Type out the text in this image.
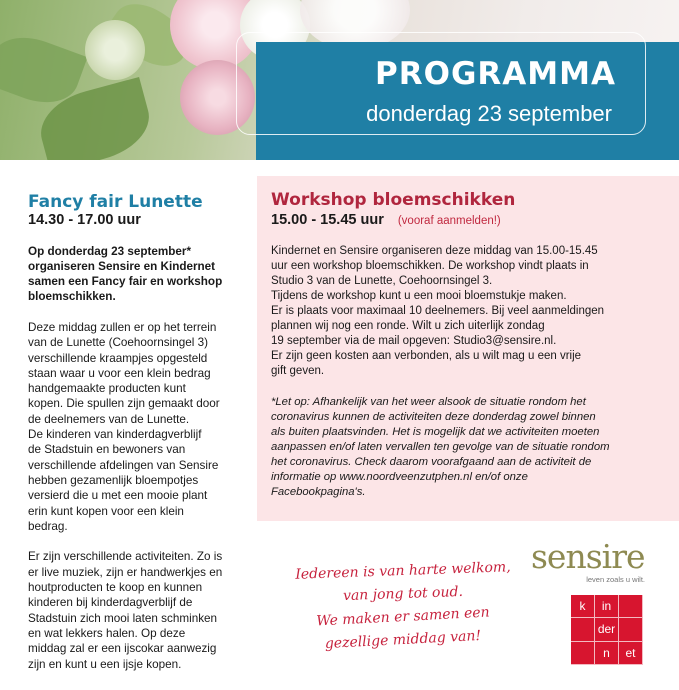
PROGRAMMA
donderdag 23 september
Fancy fair Lunette

14.30 - 17.00 uur

Op donderdag 23 september* organiseren Sensire en Kindernet samen een Fancy fair en workshop bloemschikken.

Deze middag zullen er op het terrein

van de Lunette (Coehoornsingel 3)

verschillende kraampjes opgesteld

staan waar u voor een klein bedrag

handgemaakte producten kunt

kopen. Die spullen zijn gemaakt door

de deelnemers van de Lunette.

De kinderen van kinderdagverblijf

de Stadstuin en bewoners van

verschillende afdelingen van Sensire

hebben gezamenlijk bloempotjes

versierd die u met een mooie plant

erin kunt kopen voor een klein

bedrag.

Er zijn verschillende activiteiten. Zo is

er live muziek, zijn er handwerkjes en

houtproducten te koop en kunnen

kinderen bij kinderdagverblijf de

Stadstuin zich mooi laten schminken

en wat lekkers halen. Op deze

middag zal er een ijscokar aanwezig

zijn en kunt u een ijsje kopen.

Workshop bloemschikken
15.00 - 15.45 uur (vooraf aanmelden!)

Kindernet en Sensire organiseren deze middag van 15.00-15.45

uur een workshop bloemschikken. De workshop vindt plaats in

Studio 3 van de Lunette, Coehoornsingel 3.

Tijdens de workshop kunt u een mooi bloemstukje maken.

Er is plaats voor maximaal 10 deelnemers. Bij veel aanmeldingen

plannen wij nog een ronde. Wilt u zich uiterlijk zondag

19 september via de mail opgeven: Studio3@sensire.nl.

Er zijn geen kosten aan verbonden, als u wilt mag u een vrije

gift geven.

*Let op: Afhankelijk van het weer alsook de situatie rondom het
coronavirus kunnen de activiteiten deze donderdag zowel binnen
als buiten plaatsvinden. Het is mogelijk dat we activiteiten moeten
aanpassen en/of laten vervallen ten gevolge van de situatie rondom
het coronavirus. Check daarom voorafgaand aan de activiteit de
informatie op www.noordveenzutphen.nl en/of onze
Facebookpagina's.
Iedereen is van harte welkom,
van jong tot oud.
We maken er samen een
gezellige middag van!
sensire
leven zoals u wilt.
k	in
der
n	et
